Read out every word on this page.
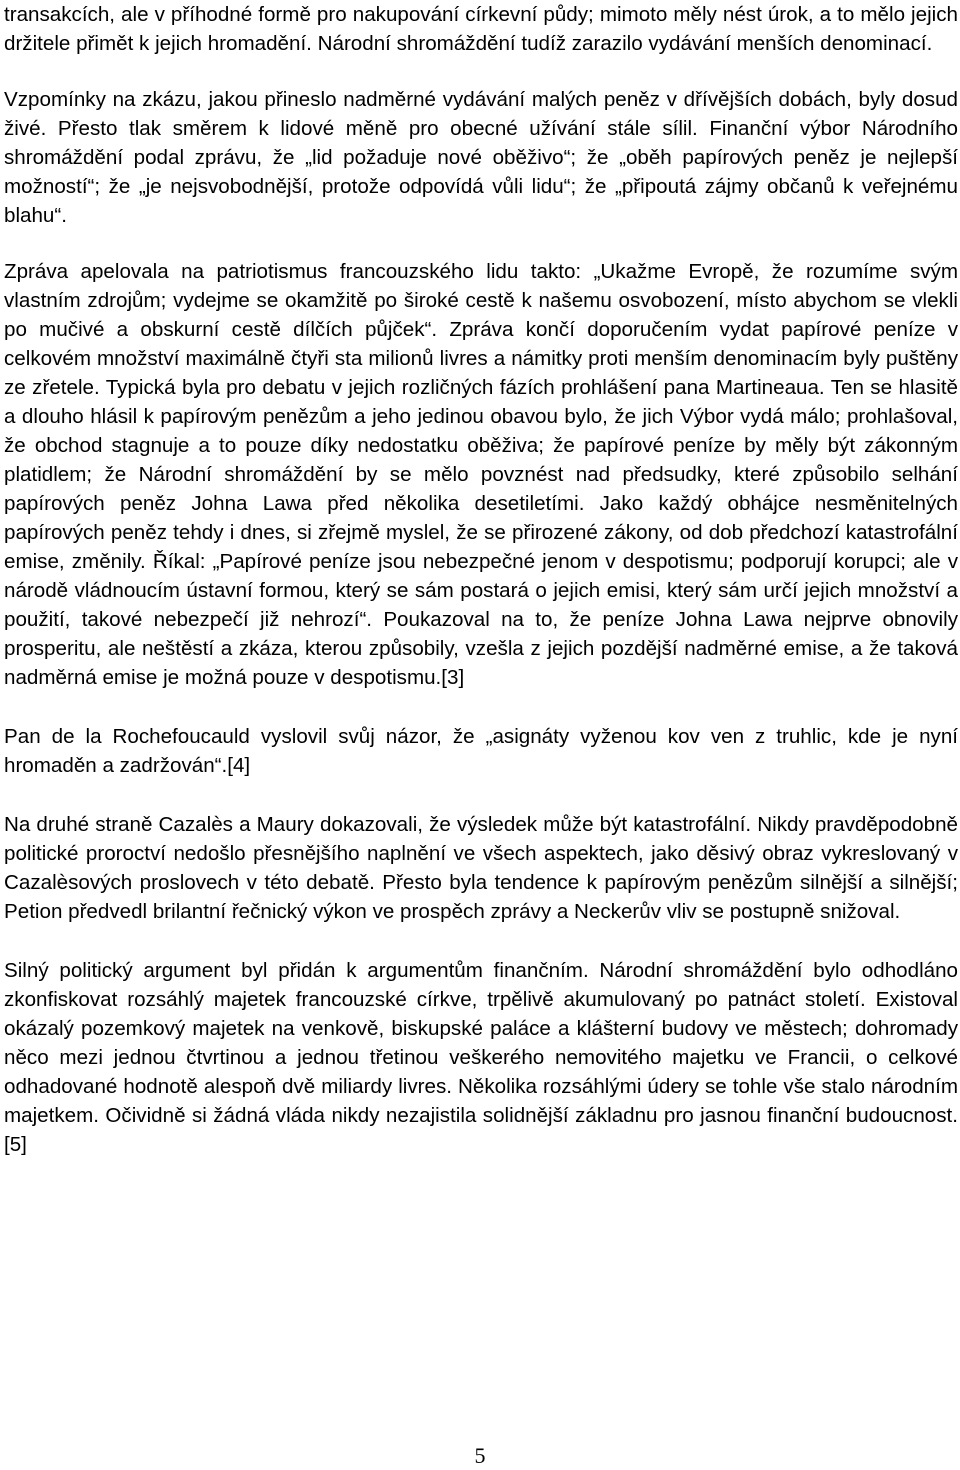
transakcích, ale v příhodné formě pro nakupování církevní půdy; mimoto měly nést úrok, a to mělo jejich držitele přimět k jejich hromadění. Národní shromáždění tudíž zarazilo vydávání menších denominací.

Vzpomínky na zkázu, jakou přineslo nadměrné vydávání malých peněz v dřívějších dobách, byly dosud živé. Přesto tlak směrem k lidové měně pro obecné užívání stále sílil. Finanční výbor Národního shromáždění podal zprávu, že „lid požaduje nové oběživo“; že „oběh papírových peněz je nejlepší možností“; že „je nejsvobodnější, protože odpovídá vůli lidu“; že „připoutá zájmy občanů k veřejnému blahu“.

Zpráva apelovala na patriotismus francouzského lidu takto: „Ukažme Evropě, že rozumíme svým vlastním zdrojům; vydejme se okamžitě po široké cestě k našemu osvobození, místo abychom se vlekli po mučivé a obskurní cestě dílčích půjček“. Zpráva končí doporučením vydat papírové peníze v celkovém množství maximálně čtyři sta milionů livres a námitky proti menším denominacím byly puštěny ze zřetele. Typická byla pro debatu v jejich rozličných fázích prohlášení pana Martineaua. Ten se hlasitě a dlouho hlásil k papírovým penězům a jeho jedinou obavou bylo, že jich Výbor vydá málo; prohlašoval, že obchod stagnuje a to pouze díky nedostatku oběživa; že papírové peníze by měly být zákonným platidlem; že Národní shromáždění by se mělo povznést nad předsudky, které způsobilo selhání papírových peněz Johna Lawa před několika desetiletími. Jako každý obhájce nesměnitelných papírových peněz tehdy i dnes, si zřejmě myslel, že se přirozené zákony, od dob předchozí katastrofální emise, změnily. Říkal: „Papírové peníze jsou nebezpečné jenom v despotismu; podporují korupci; ale v národě vládnoucím ústavní formou, který se sám postará o jejich emisi, který sám určí jejich množství a použití, takové nebezpečí již nehrozí“. Poukazoval na to, že peníze Johna Lawa nejprve obnovily prosperitu, ale neštěstí a zkáza, kterou způsobily, vzešla z jejich pozdější nadměrné emise, a že taková nadměrná emise je možná pouze v despotismu.[3]

Pan de la Rochefoucauld vyslovil svůj názor, že „asignáty vyženou kov ven z truhlic, kde je nyní hromaděn a zadržován“.[4]

Na druhé straně Cazalès a Maury dokazovali, že výsledek může být katastrofální. Nikdy pravděpodobně politické proroctví nedošlo přesnějšího naplnění ve všech aspektech, jako děsivý obraz vykreslovaný v Cazalèsových proslovech v této debatě. Přesto byla tendence k papírovým penězům silnější a silnější; Petion předvedl brilantní řečnický výkon ve prospěch zprávy a Neckerův vliv se postupně snižoval.

Silný politický argument byl přidán k argumentům finančním. Národní shromáždění bylo odhodláno zkonfiskovat rozsáhlý majetek francouzské církve, trpělivě akumulovaný po patnáct století. Existoval okázalý pozemkový majetek na venkově, biskupské paláce a klášterní budovy ve městech; dohromady něco mezi jednou čtvrtinou a jednou třetinou veškerého nemovitého majetku ve Francii, o celkové odhadované hodnotě alespoň dvě miliardy livres. Několika rozsáhlými údery se tohle vše stalo národním majetkem. Očividně si žádná vláda nikdy nezajistila solidnější základnu pro jasnou finanční budoucnost.[5]

5
